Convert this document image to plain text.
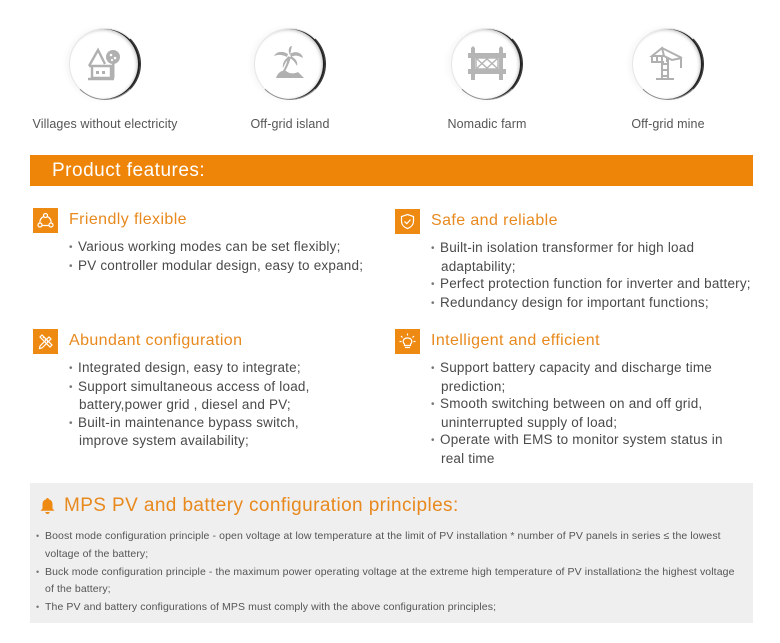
Villages without electricity	Off-grid island	Nomadic farm	Off-grid mine
Product features:
Friendly flexible
• Various working modes can be set flexibly;
• PV controller modular design, easy to expand;
Safe and reliable
• Built-in isolation transformer for high load adaptability;
• Perfect protection function for inverter and battery;
• Redundancy design for important functions;
Abundant configuration
• Integrated design, easy to integrate;
• Support simultaneous access of load, battery,power grid , diesel and PV;
• Built-in maintenance bypass switch, improve system availability;
Intelligent and efficient
• Support battery capacity and discharge time prediction;
• Smooth switching between on and off grid, uninterrupted supply of load;
• Operate with EMS to monitor system status in real time
MPS PV and battery configuration principles:
• Boost mode configuration principle - open voltage at low temperature at the limit of PV installation * number of PV panels in series ≤ the lowest voltage of the battery;
• Buck mode configuration principle - the maximum power operating voltage at the extreme high temperature of PV installation≥ the highest voltage of the battery;
• The PV and battery configurations of MPS must comply with the above configuration principles;
